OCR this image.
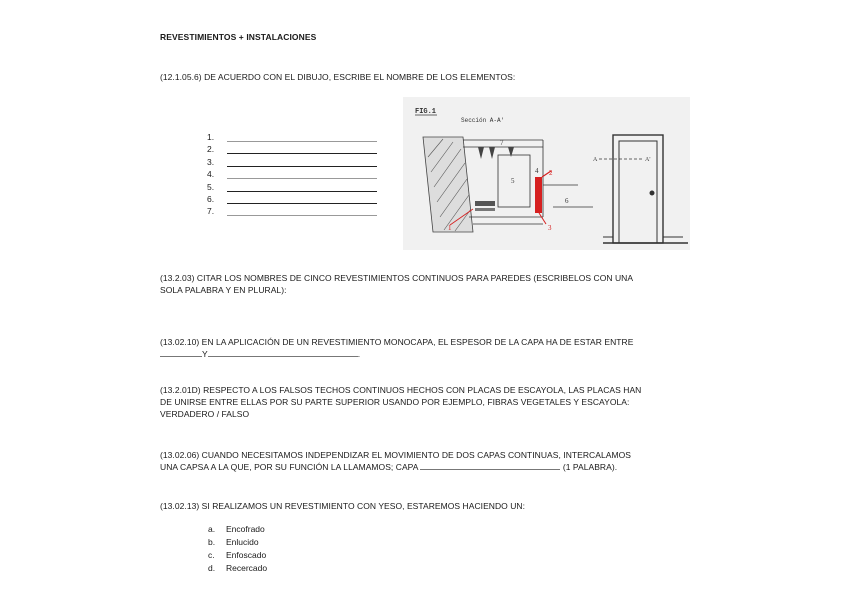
REVESTIMIENTOS + INSTALACIONES
(12.1.05.6) DE ACUERDO CON EL DIBUJO, ESCRIBE EL NOMBRE DE LOS ELEMENTOS:
1.
2.
3.
4.
5.
6.
7.
FIG.1
Sección A-A'
1
2
3
4
5
6
7
A	A'
(13.2.03) CITAR LOS NOMBRES DE CINCO REVESTIMIENTOS CONTINUOS PARA PAREDES (ESCRIBELOS CON UNA
SOLA PALABRA Y EN PLURAL):
(13.02.10) EN LA APLICACIÓN DE UN REVESTIMIENTO MONOCAPA, EL ESPESOR DE LA CAPA HA DE ESTAR ENTRE
Y	.
(13.2.01D) RESPECTO A LOS FALSOS TECHOS CONTINUOS HECHOS CON PLACAS DE ESCAYOLA, LAS PLACAS HAN
DE UNIRSE ENTRE ELLAS POR SU PARTE SUPERIOR USANDO POR EJEMPLO, FIBRAS VEGETALES Y ESCAYOLA:
VERDADERO / FALSO
(13.02.06) CUANDO NECESITAMOS INDEPENDIZAR EL MOVIMIENTO DE DOS CAPAS CONTINUAS, INTERCALAMOS
UNA CAPSA A LA QUE, POR SU FUNCIÓN LA LLAMAMOS; CAPA	(1 PALABRA).
(13.02.13) SI REALIZAMOS UN REVESTIMIENTO CON YESO, ESTAREMOS HACIENDO UN:
a. Encofrado
b. Enlucido
c. Enfoscado
d. Recercado
